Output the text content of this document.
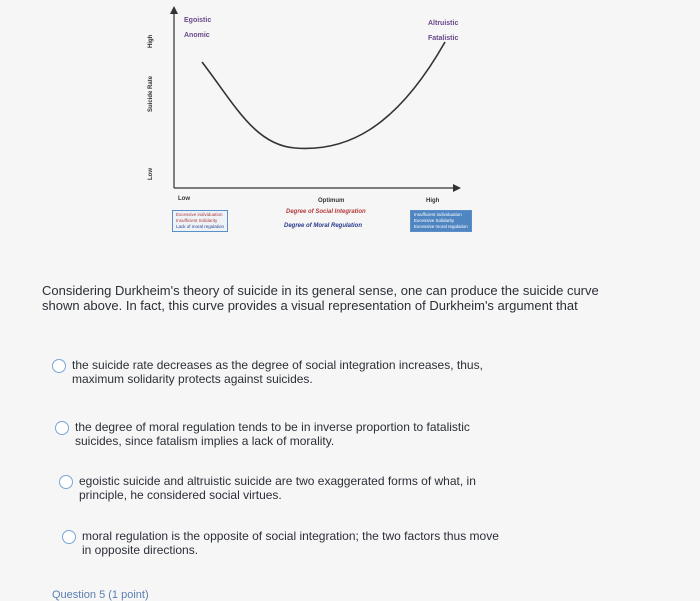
Egoistic
Anomic
Altruistic
Fatalistic
High
Suicide Rate
Low
Low	High
Optimum
Degree of Social Integration
Degree of Moral Regulation
Excessive individuation
Insufficient Solidarity
Lack of moral regulation
Insufficient individuation
Excessive Solidarity
Excessive moral regulation
Considering Durkheim's theory of suicide in its general sense, one can produce the suicide curve shown above. In fact, this curve provides a visual representation of Durkheim's argument that
the suicide rate decreases as the degree of social integration increases, thus,
maximum solidarity protects against suicides.
the degree of moral regulation tends to be in inverse proportion to fatalistic
suicides, since fatalism implies a lack of morality.
egoistic suicide and altruistic suicide are two exaggerated forms of what, in
principle, he considered social virtues.
moral regulation is the opposite of social integration; the two factors thus move
in opposite directions.
Question 5 (1 point)
